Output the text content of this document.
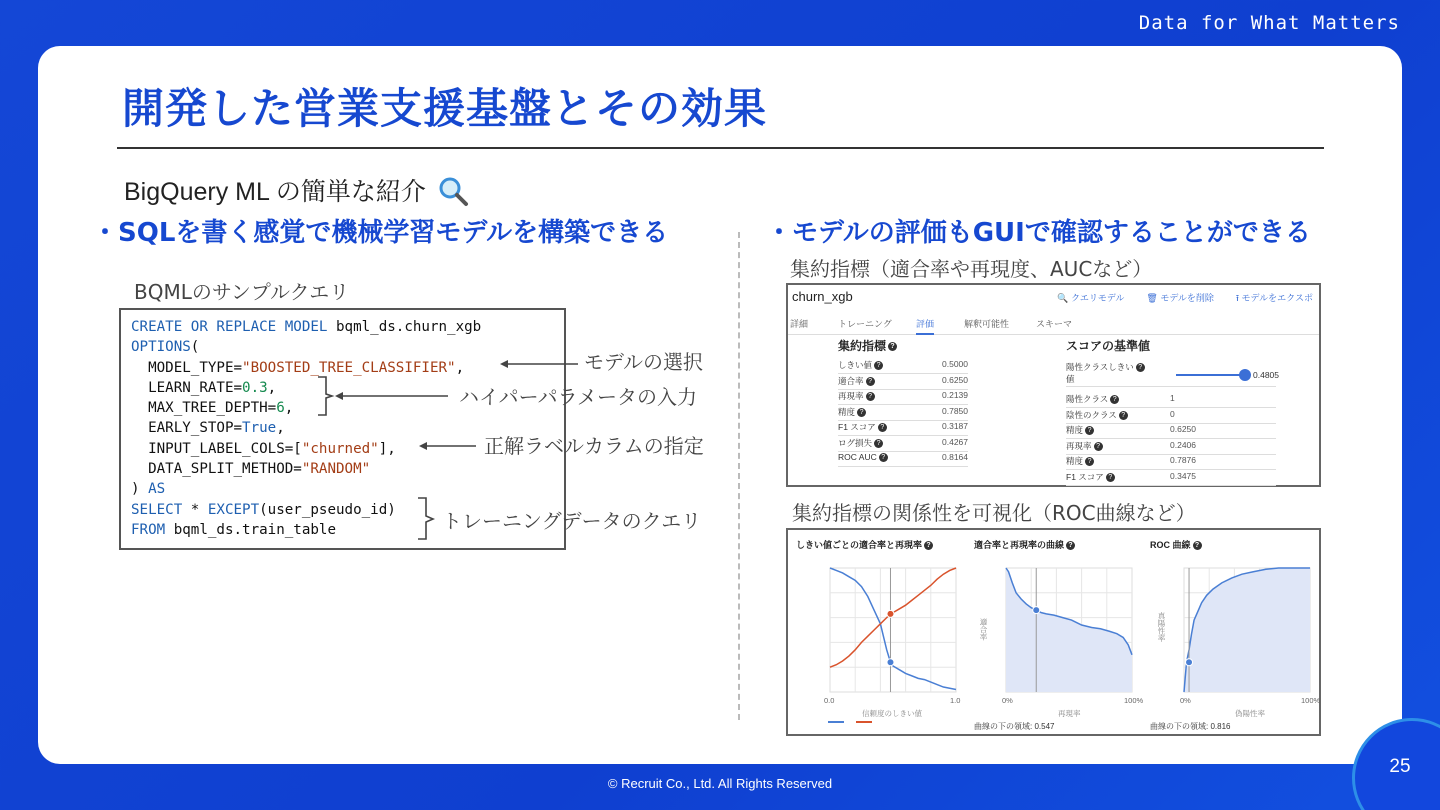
Data for What Matters
開発した営業支援基盤とその効果
BigQuery ML の簡単な紹介
・SQLを書く感覚で機械学習モデルを構築できる
BQMLのサンプルクエリ
CREATE OR REPLACE MODEL bqml_ds.churn_xgb
OPTIONS(
MODEL_TYPE="BOOSTED_TREE_CLASSIFIER",
LEARN_RATE=0.3,
MAX_TREE_DEPTH=6,
EARLY_STOP=True,
INPUT_LABEL_COLS=["churned"],
DATA_SPLIT_METHOD="RANDOM"
) AS
SELECT * EXCEPT(user_pseudo_id)
FROM bqml_ds.train_table
モデルの選択
ハイパーパラメータの入力
正解ラベルカラムの指定
トレーニングデータのクエリ
・モデルの評価もGUIで確認することができる
集約指標（適合率や再現度、AUCなど）
churn_xgb	🔍 クエリモデル 🗑 モデルを削除 ⭱ モデルをエクスポ
詳細	トレーニング	評価	解釈可能性	スキーマ
集約指標 ?
しきい値 ?	0.5000
適合率 ?	0.6250
再現率 ?	0.2139
精度 ?	0.7850
F1 スコア ?	0.3187
ログ損失 ?	0.4267
ROC AUC ?	0.8164
スコアの基準値
陽性クラスしきい ?
値	0.4805
陽性クラス ?	1
陰性のクラス ?	0
精度 ?	0.6250
再現率 ?	0.2406
精度 ?	0.7876
F1 スコア ?	0.3475
集約指標の関係性を可視化（ROC曲線など）
しきい値ごとの適合率と再現率 ?	適合率と再現率の曲線 ?	ROC 曲線 ?
0.0	1.0
信頼度のしきい値
0%	100%
再現率
適合率
曲線の下の領域: 0.547
0%	100%
偽陽性率
真陽性率
曲線の下の領域: 0.816
© Recruit Co., Ltd. All Rights Reserved
25
